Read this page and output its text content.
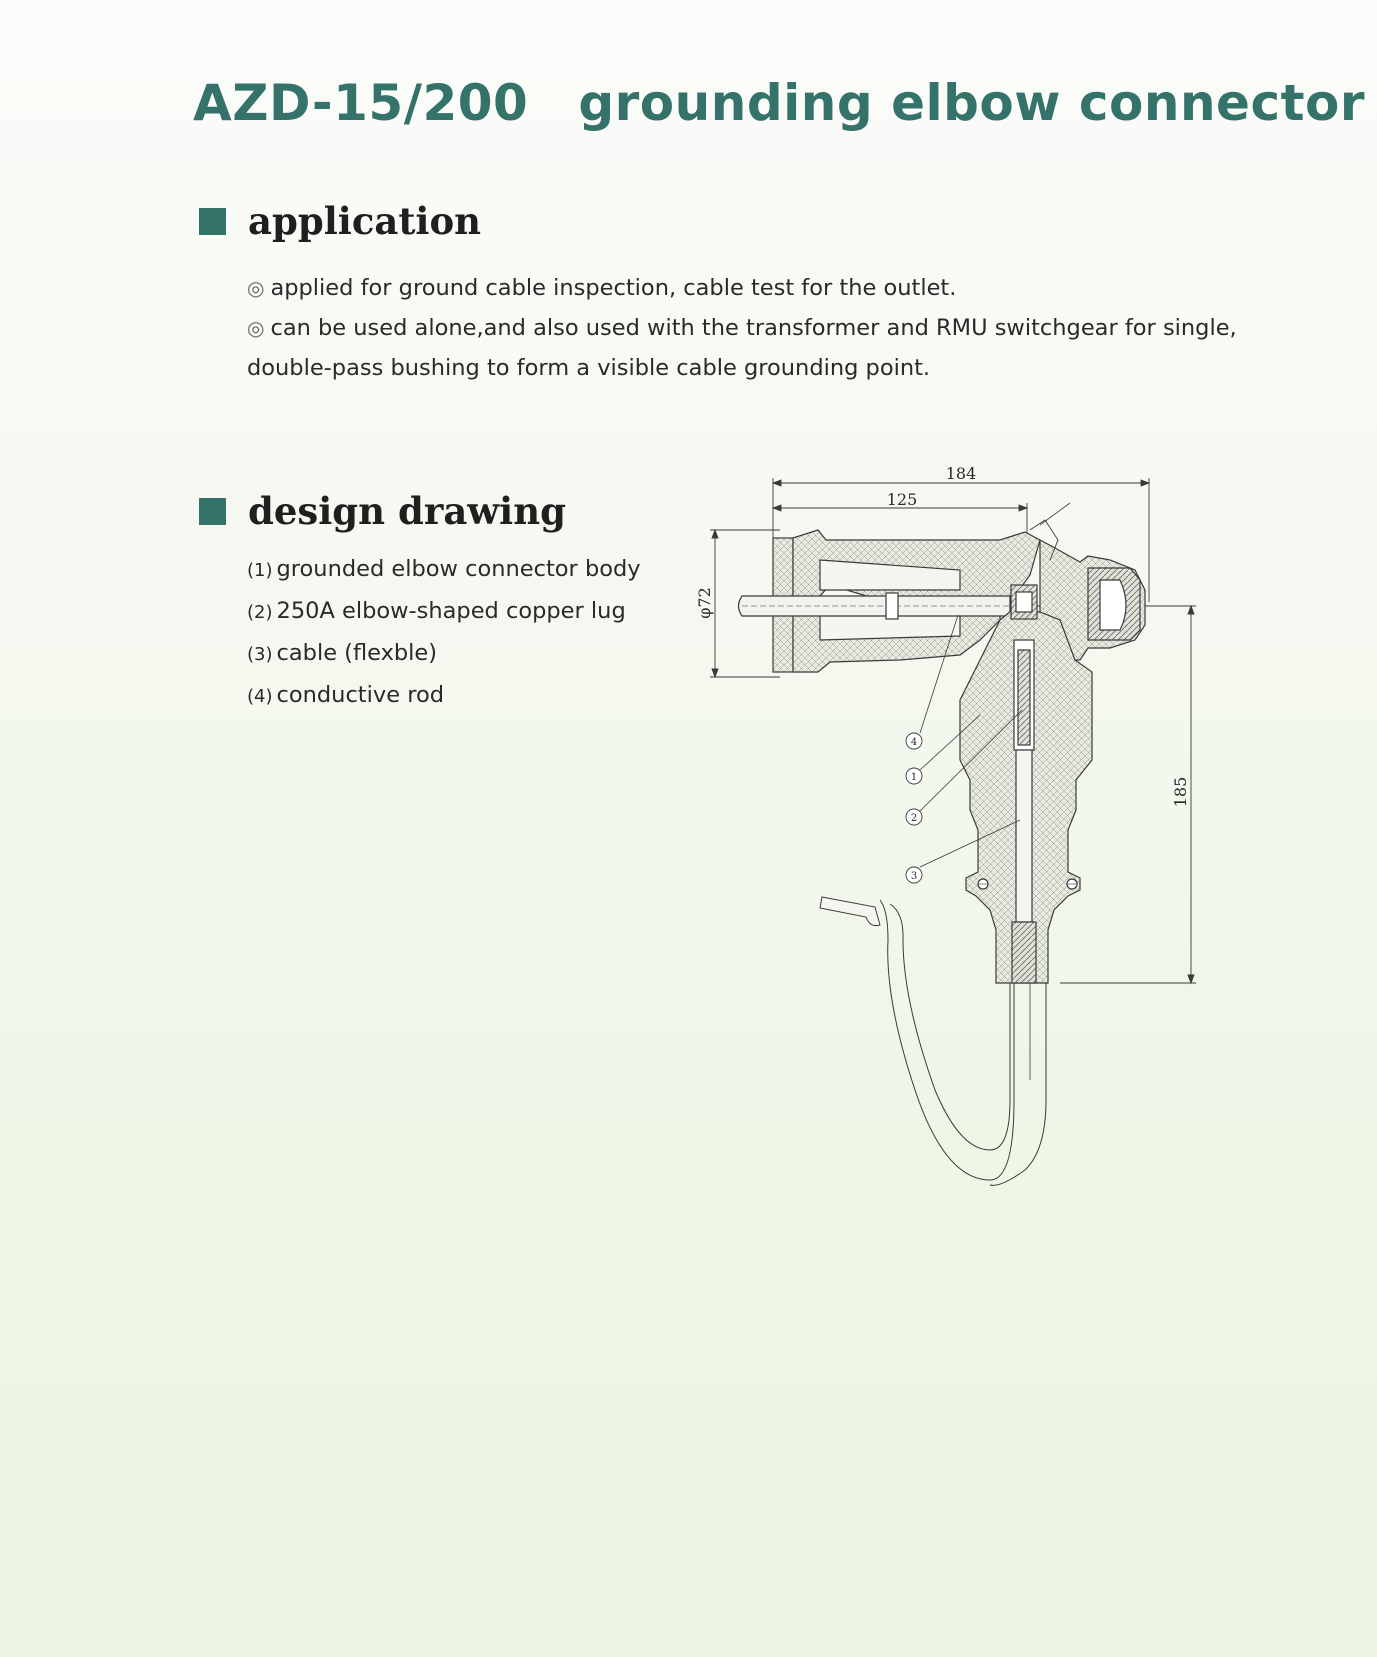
AZD-15/200 grounding elbow connector
application

◎ applied for ground cable inspection, cable test for the outlet.

◎ can be used alone,and also used with the transformer and RMU switchgear for single,

double-pass bushing to form a visible cable grounding point.

design drawing
(1) grounded elbow connector body
(2) 250A elbow-shaped copper lug
(3) cable (flexble)
(4) conductive rod
184
125
φ72
185
4
1
2
3
